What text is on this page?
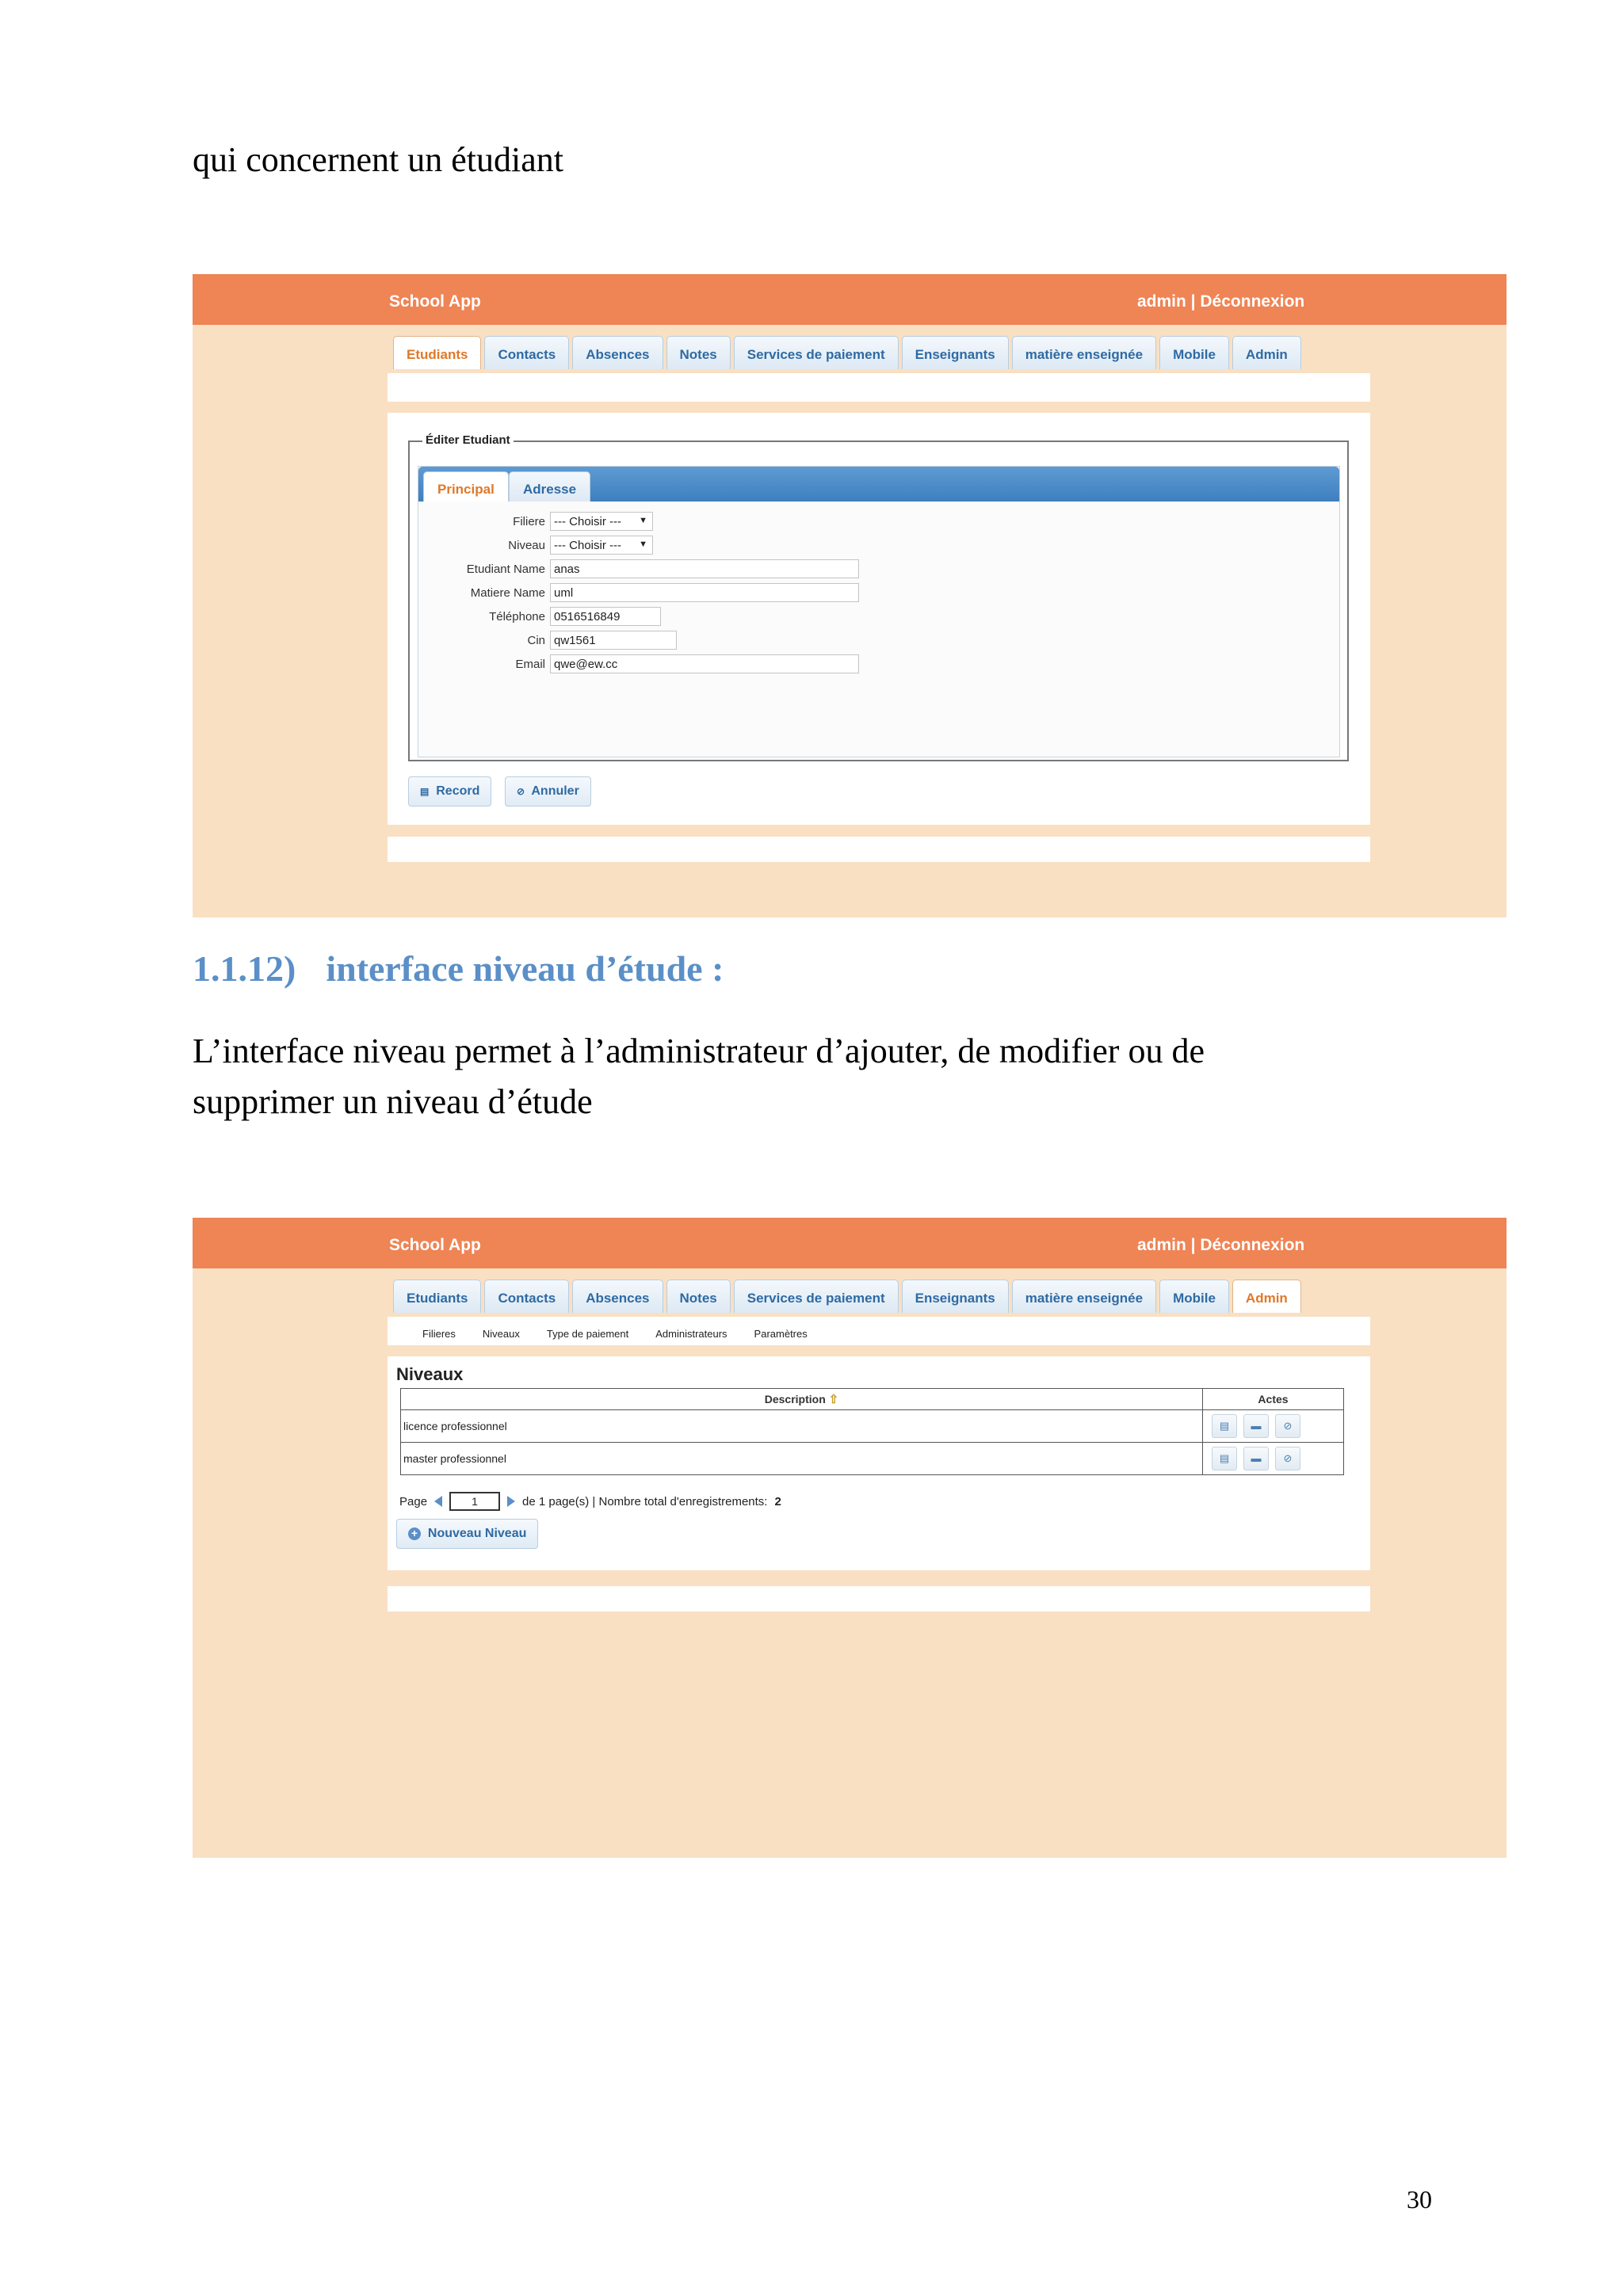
qui concernent un étudiant

School App	admin | Déconnexion
Etudiants	Contacts	Absences	Notes	Services de paiement	Enseignants	matière enseignée	Mobile	Admin
Éditer Etudiant
Principal	Adresse
Filiere --- Choisir --- ▼
Niveau --- Choisir --- ▼
Etudiant Name anas
Matiere Name uml
Téléphone 0516516849
Cin qw1561
Email qwe@ew.cc
▤ Record	⊘ Annuler
1.1.12) interface niveau d’étude :

L’interface niveau permet à l’administrateur d’ajouter, de modifier ou de
supprimer un niveau d’étude

School App	admin | Déconnexion
Etudiants	Contacts	Absences	Notes	Services de paiement	Enseignants	matière enseignée	Mobile	Admin
Filieres	Niveaux	Type de paiement	Administrateurs	Paramètres
Niveaux
Description ⇧	Actes
licence professionnel	▤ ▬ ⊘

master professionnel	▤ ▬ ⊘
Page	1	de 1 page(s) | Nombre total d'enregistrements: 2
+ Nouveau Niveau
30
